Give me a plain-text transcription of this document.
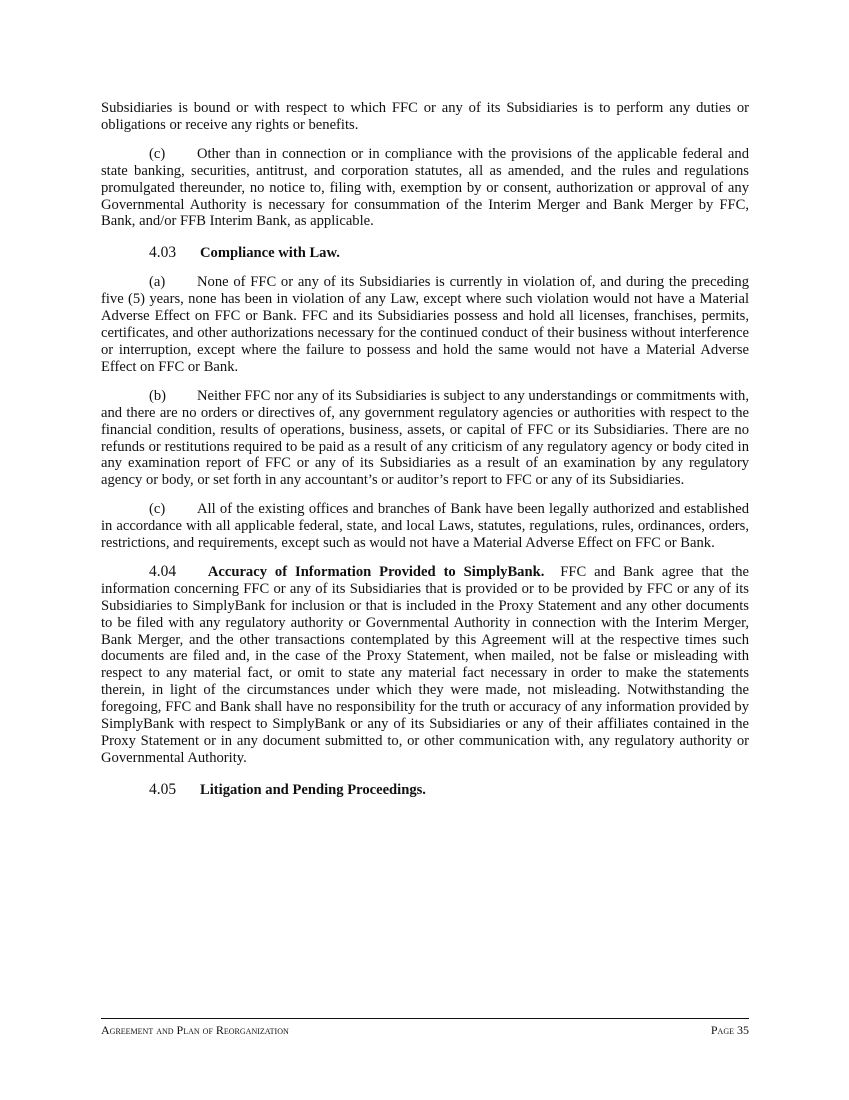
Subsidiaries is bound or with respect to which FFC or any of its Subsidiaries is to perform any duties or obligations or receive any rights or benefits.

(c) Other than in connection or in compliance with the provisions of the applicable federal and state banking, securities, antitrust, and corporation statutes, all as amended, and the rules and regulations promulgated thereunder, no notice to, filing with, exemption by or consent, authorization or approval of any Governmental Authority is necessary for consummation of the Interim Merger and Bank Merger by FFC, Bank, and/or FFB Interim Bank, as applicable.

4.03 Compliance with Law.

(a) None of FFC or any of its Subsidiaries is currently in violation of, and during the preceding five (5) years, none has been in violation of any Law, except where such violation would not have a Material Adverse Effect on FFC or Bank. FFC and its Subsidiaries possess and hold all licenses, franchises, permits, certificates, and other authorizations necessary for the continued conduct of their business without interference or interruption, except where the failure to possess and hold the same would not have a Material Adverse Effect on FFC or Bank.

(b) Neither FFC nor any of its Subsidiaries is subject to any understandings or commitments with, and there are no orders or directives of, any government regulatory agencies or authorities with respect to the financial condition, results of operations, business, assets, or capital of FFC or its Subsidiaries. There are no refunds or restitutions required to be paid as a result of any criticism of any regulatory agency or body cited in any examination report of FFC or any of its Subsidiaries as a result of an examination by any regulatory agency or body, or set forth in any accountant’s or auditor’s report to FFC or any of its Subsidiaries.

(c) All of the existing offices and branches of Bank have been legally authorized and established in accordance with all applicable federal, state, and local Laws, statutes, regulations, rules, ordinances, orders, restrictions, and requirements, except such as would not have a Material Adverse Effect on FFC or Bank.

4.04 Accuracy of Information Provided to SimplyBank. FFC and Bank agree that the information concerning FFC or any of its Subsidiaries that is provided or to be provided by FFC or any of its Subsidiaries to SimplyBank for inclusion or that is included in the Proxy Statement and any other documents to be filed with any regulatory authority or Governmental Authority in connection with the Interim Merger, Bank Merger, and the other transactions contemplated by this Agreement will at the respective times such documents are filed and, in the case of the Proxy Statement, when mailed, not be false or misleading with respect to any material fact, or omit to state any material fact necessary in order to make the statements therein, in light of the circumstances under which they were made, not misleading. Notwithstanding the foregoing, FFC and Bank shall have no responsibility for the truth or accuracy of any information provided by SimplyBank with respect to SimplyBank or any of its Subsidiaries or any of their affiliates contained in the Proxy Statement or in any document submitted to, or other communication with, any regulatory authority or Governmental Authority.

4.05 Litigation and Pending Proceedings.
Agreement and Plan of Reorganization	Page 35
